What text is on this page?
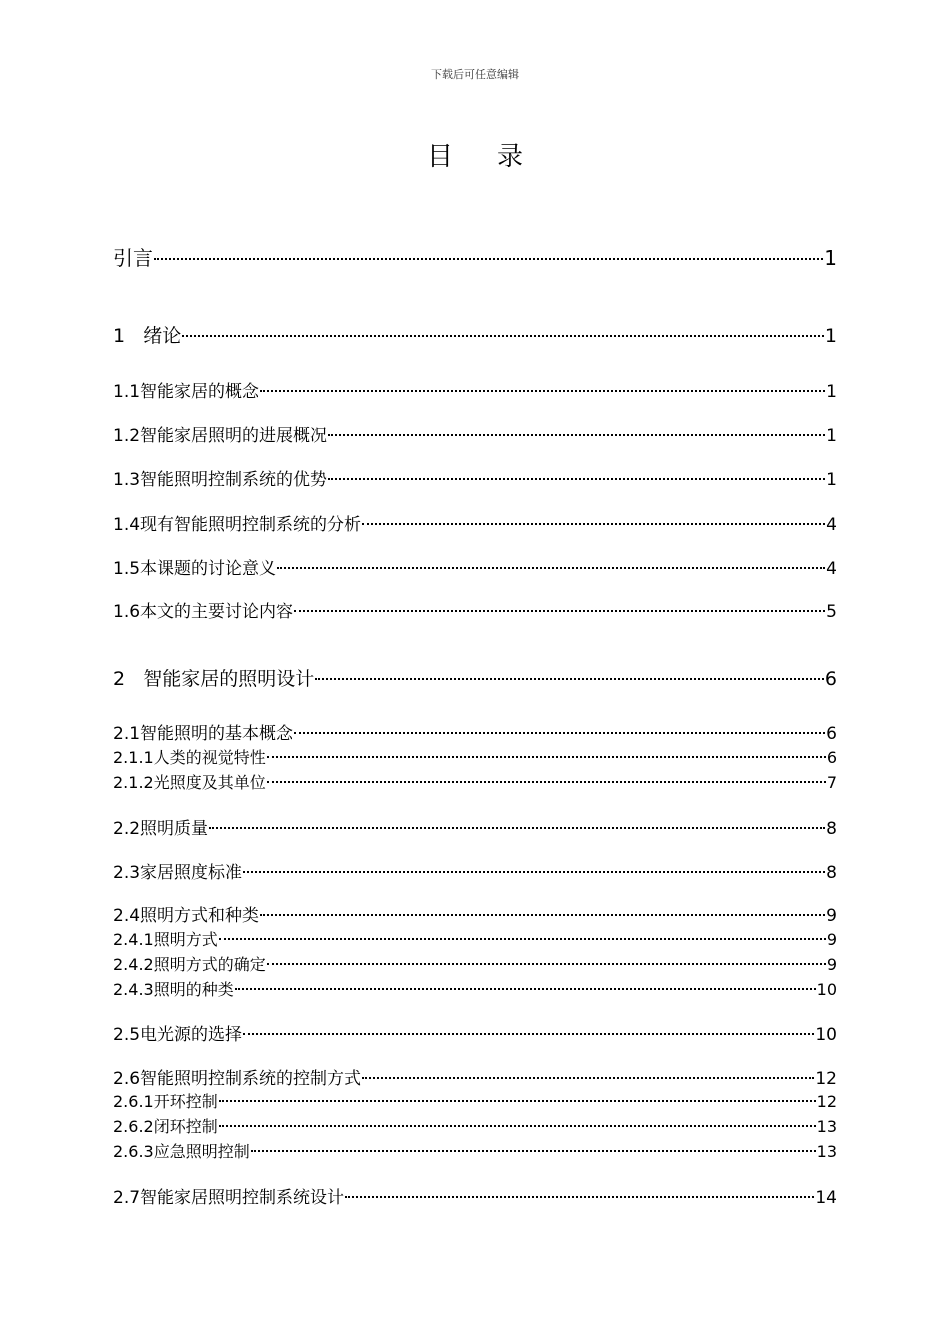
下载后可任意编辑
目录
引言	1
1 绪论	1
1.1 智能家居的概念	1
1.2 智能家居照明的进展概况	1
1.3 智能照明控制系统的优势	1
1.4 现有智能照明控制系统的分析	4
1.5 本课题的讨论意义	4
1.6 本文的主要讨论内容	5
2 智能家居的照明设计	6
2.1 智能照明的基本概念	6
2.1.1 人类的视觉特性	6
2.1.2 光照度及其单位	7
2.2 照明质量	8
2.3 家居照度标准	8
2.4 照明方式和种类	9
2.4.1 照明方式	9
2.4.2 照明方式的确定	9
2.4.3 照明的种类	10
2.5 电光源的选择	10
2.6 智能照明控制系统的控制方式	12
2.6.1 开环控制	12
2.6.2 闭环控制	13
2.6.3 应急照明控制	13
2.7 智能家居照明控制系统设计	14
